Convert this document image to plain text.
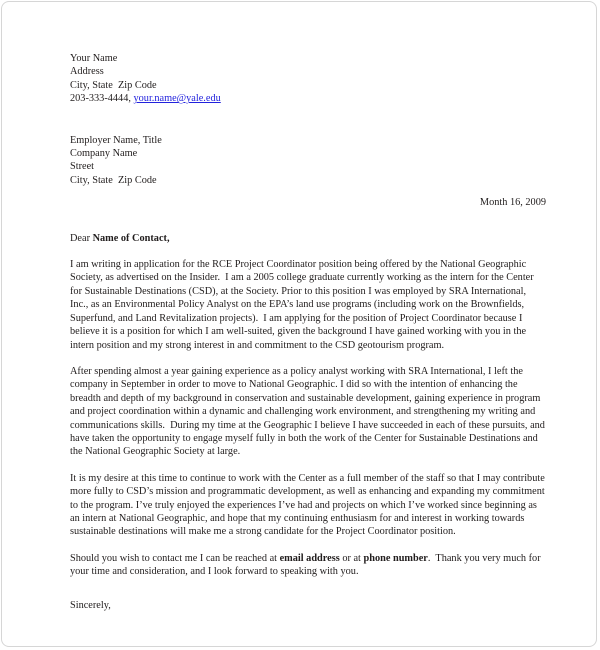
Your Name
Address
City, State  Zip Code
203-333-4444, your.name@yale.edu
Employer Name, Title
Company Name
Street
City, State  Zip Code
Month 16, 2009

Dear Name of Contact,

I am writing in application for the RCE Project Coordinator position being offered by the National Geographic Society, as advertised on the Insider.  I am a 2005 college graduate currently working as the intern for the Center for Sustainable Destinations (CSD), at the Society. Prior to this position I was employed by SRA International, Inc., as an Environmental Policy Analyst on the EPA’s land use programs (including work on the Brownfields, Superfund, and Land Revitalization projects).  I am applying for the position of Project Coordinator because I believe it is a position for which I am well-suited, given the background I have gained working with you in the intern position and my strong interest in and commitment to the CSD geotourism program.

After spending almost a year gaining experience as a policy analyst working with SRA International, I left the company in September in order to move to National Geographic. I did so with the intention of enhancing the breadth and depth of my background in conservation and sustainable development, gaining experience in program and project coordination within a dynamic and challenging work environment, and strengthening my writing and communications skills.  During my time at the Geographic I believe I have succeeded in each of these pursuits, and have taken the opportunity to engage myself fully in both the work of the Center for Sustainable Destinations and the National Geographic Society at large.

It is my desire at this time to continue to work with the Center as a full member of the staff so that I may contribute more fully to CSD’s mission and programmatic development, as well as enhancing and expanding my commitment to the program. I’ve truly enjoyed the experiences I’ve had and projects on which I’ve worked since beginning as an intern at National Geographic, and hope that my continuing enthusiasm for and interest in working towards sustainable destinations will make me a strong candidate for the Project Coordinator position.

Should you wish to contact me I can be reached at email address or at phone number.  Thank you very much for your time and consideration, and I look forward to speaking with you.

Sincerely,
